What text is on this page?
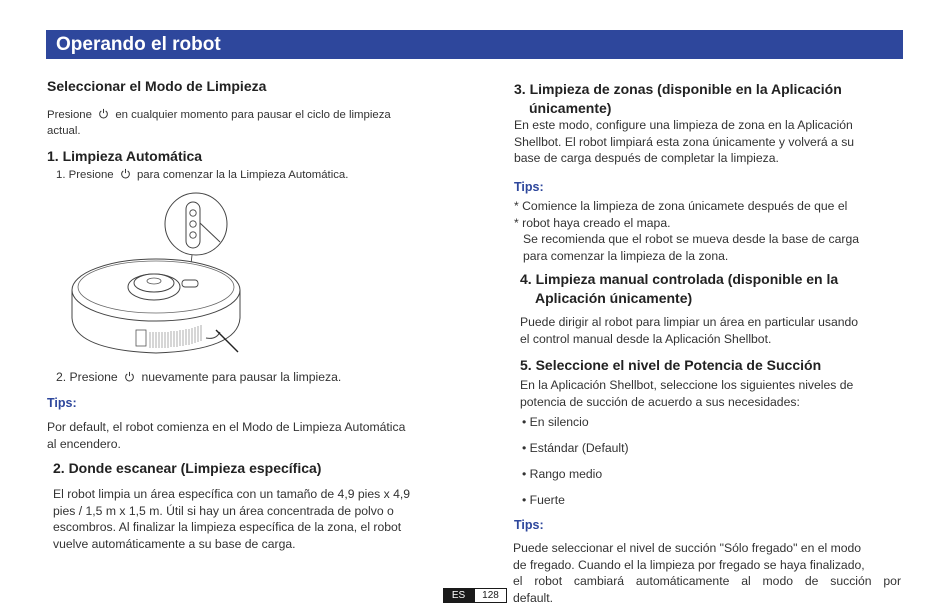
Operando el robot
Seleccionar el Modo de Limpieza
Presione en cualquier momento para pausar el ciclo de limpieza
actual.
1. Limpieza Automática
1. Presione para comenzar la la Limpieza Automática.
2. Presione nuevamente para pausar la limpieza.
Tips:
Por default, el robot comienza en el Modo de Limpieza Automática
al encendero.
2. Donde escanear (Limpieza específica)
El robot limpia un área específica con un tamaño de 4,9 pies x 4,9
pies / 1,5 m x 1,5 m. Útil si hay un área concentrada de polvo o
escombros. Al finalizar la limpieza específica de la zona, el robot
vuelve automáticamente a su base de carga.
3. Limpieza de zonas (disponible en la Aplicación
únicamente)
En este modo, configure una limpieza de zona en la Aplicación
Shellbot. El robot limpiará esta zona únicamente y volverá a su
base de carga después de completar la limpieza.
Tips:
* Comience la limpieza de zona únicamete después de que el
* robot haya creado el mapa.
Se recomienda que el robot se mueva desde la base de carga
para comenzar la limpieza de la zona.
4. Limpieza manual controlada (disponible en la
Aplicación únicamente)
Puede dirigir al robot para limpiar un área en particular usando
el control manual desde la Aplicación Shellbot.
5. Seleccione el nivel de Potencia de Succión
En la Aplicación Shellbot, seleccione los siguientes niveles de
potencia de succión de acuerdo a sus necesidades:
• En silencio
• Estándar (Default)
• Rango medio
• Fuerte
Tips:
Puede seleccionar el nivel de succión "Sólo fregado" en el modo
de fregado. Cuando el la limpieza por fregado se haya finalizado,
el robot cambiará automáticamente al modo de succión por
default.
ES	128
